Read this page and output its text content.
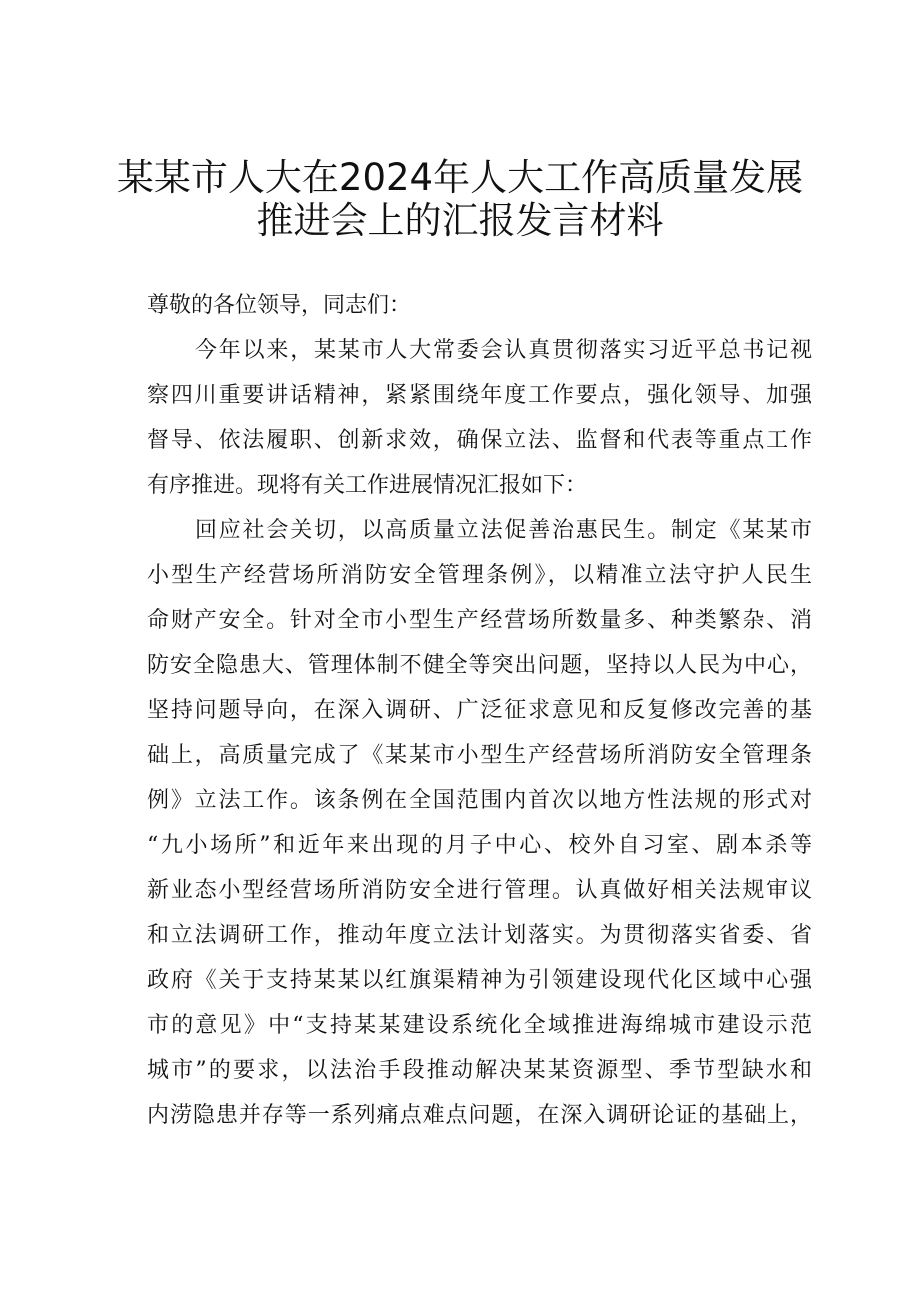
某某市人大在2024年人大工作高质量发展
推进会上的汇报发言材料
尊敬的各位领导，同志们：
今年以来，某某市人大常委会认真贯彻落实习近平总书记视
察四川重要讲话精神，紧紧围绕年度工作要点，强化领导、加强
督导、依法履职、创新求效，确保立法、监督和代表等重点工作
有序推进。现将有关工作进展情况汇报如下：
回应社会关切，以高质量立法促善治惠民生。制定《某某市
小型生产经营场所消防安全管理条例》，以精准立法守护人民生
命财产安全。针对全市小型生产经营场所数量多、种类繁杂、消
防安全隐患大、管理体制不健全等突出问题，坚持以人民为中心，
坚持问题导向，在深入调研、广泛征求意见和反复修改完善的基
础上，高质量完成了《某某市小型生产经营场所消防安全管理条
例》立法工作。该条例在全国范围内首次以地方性法规的形式对
“九小场所”和近年来出现的月子中心、校外自习室、剧本杀等
新业态小型经营场所消防安全进行管理。认真做好相关法规审议
和立法调研工作，推动年度立法计划落实。为贯彻落实省委、省
政府《关于支持某某以红旗渠精神为引领建设现代化区域中心强
市的意见》中“支持某某建设系统化全域推进海绵城市建设示范
城市”的要求，以法治手段推动解决某某资源型、季节型缺水和
内涝隐患并存等一系列痛点难点问题，在深入调研论证的基础上，
